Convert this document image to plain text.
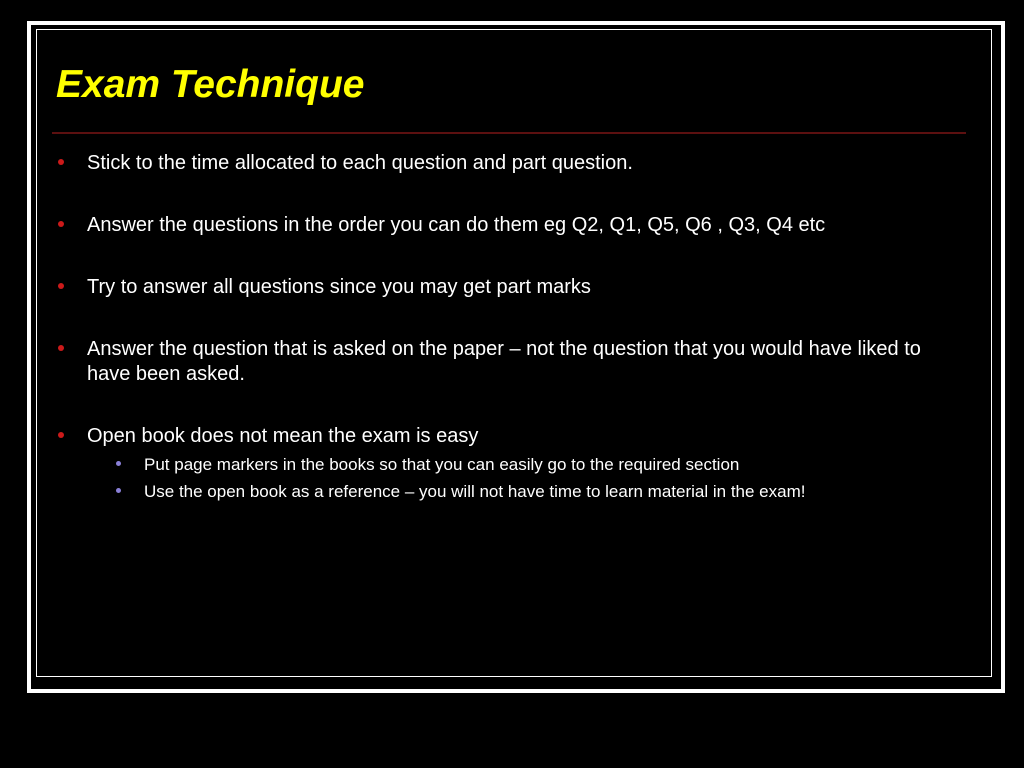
Exam Technique
Stick to the time allocated to each question and part question.
Answer the questions in the order you can do them eg Q2, Q1, Q5, Q6 , Q3, Q4 etc
Try to answer all questions since you may get part marks
Answer the question that is asked on the paper – not the question that you would have liked to have been asked.
Open book does not mean the exam is easy
Put page markers in the books so that you can easily go to the required section
Use the open book as a reference – you will not have time to learn material in the exam!
